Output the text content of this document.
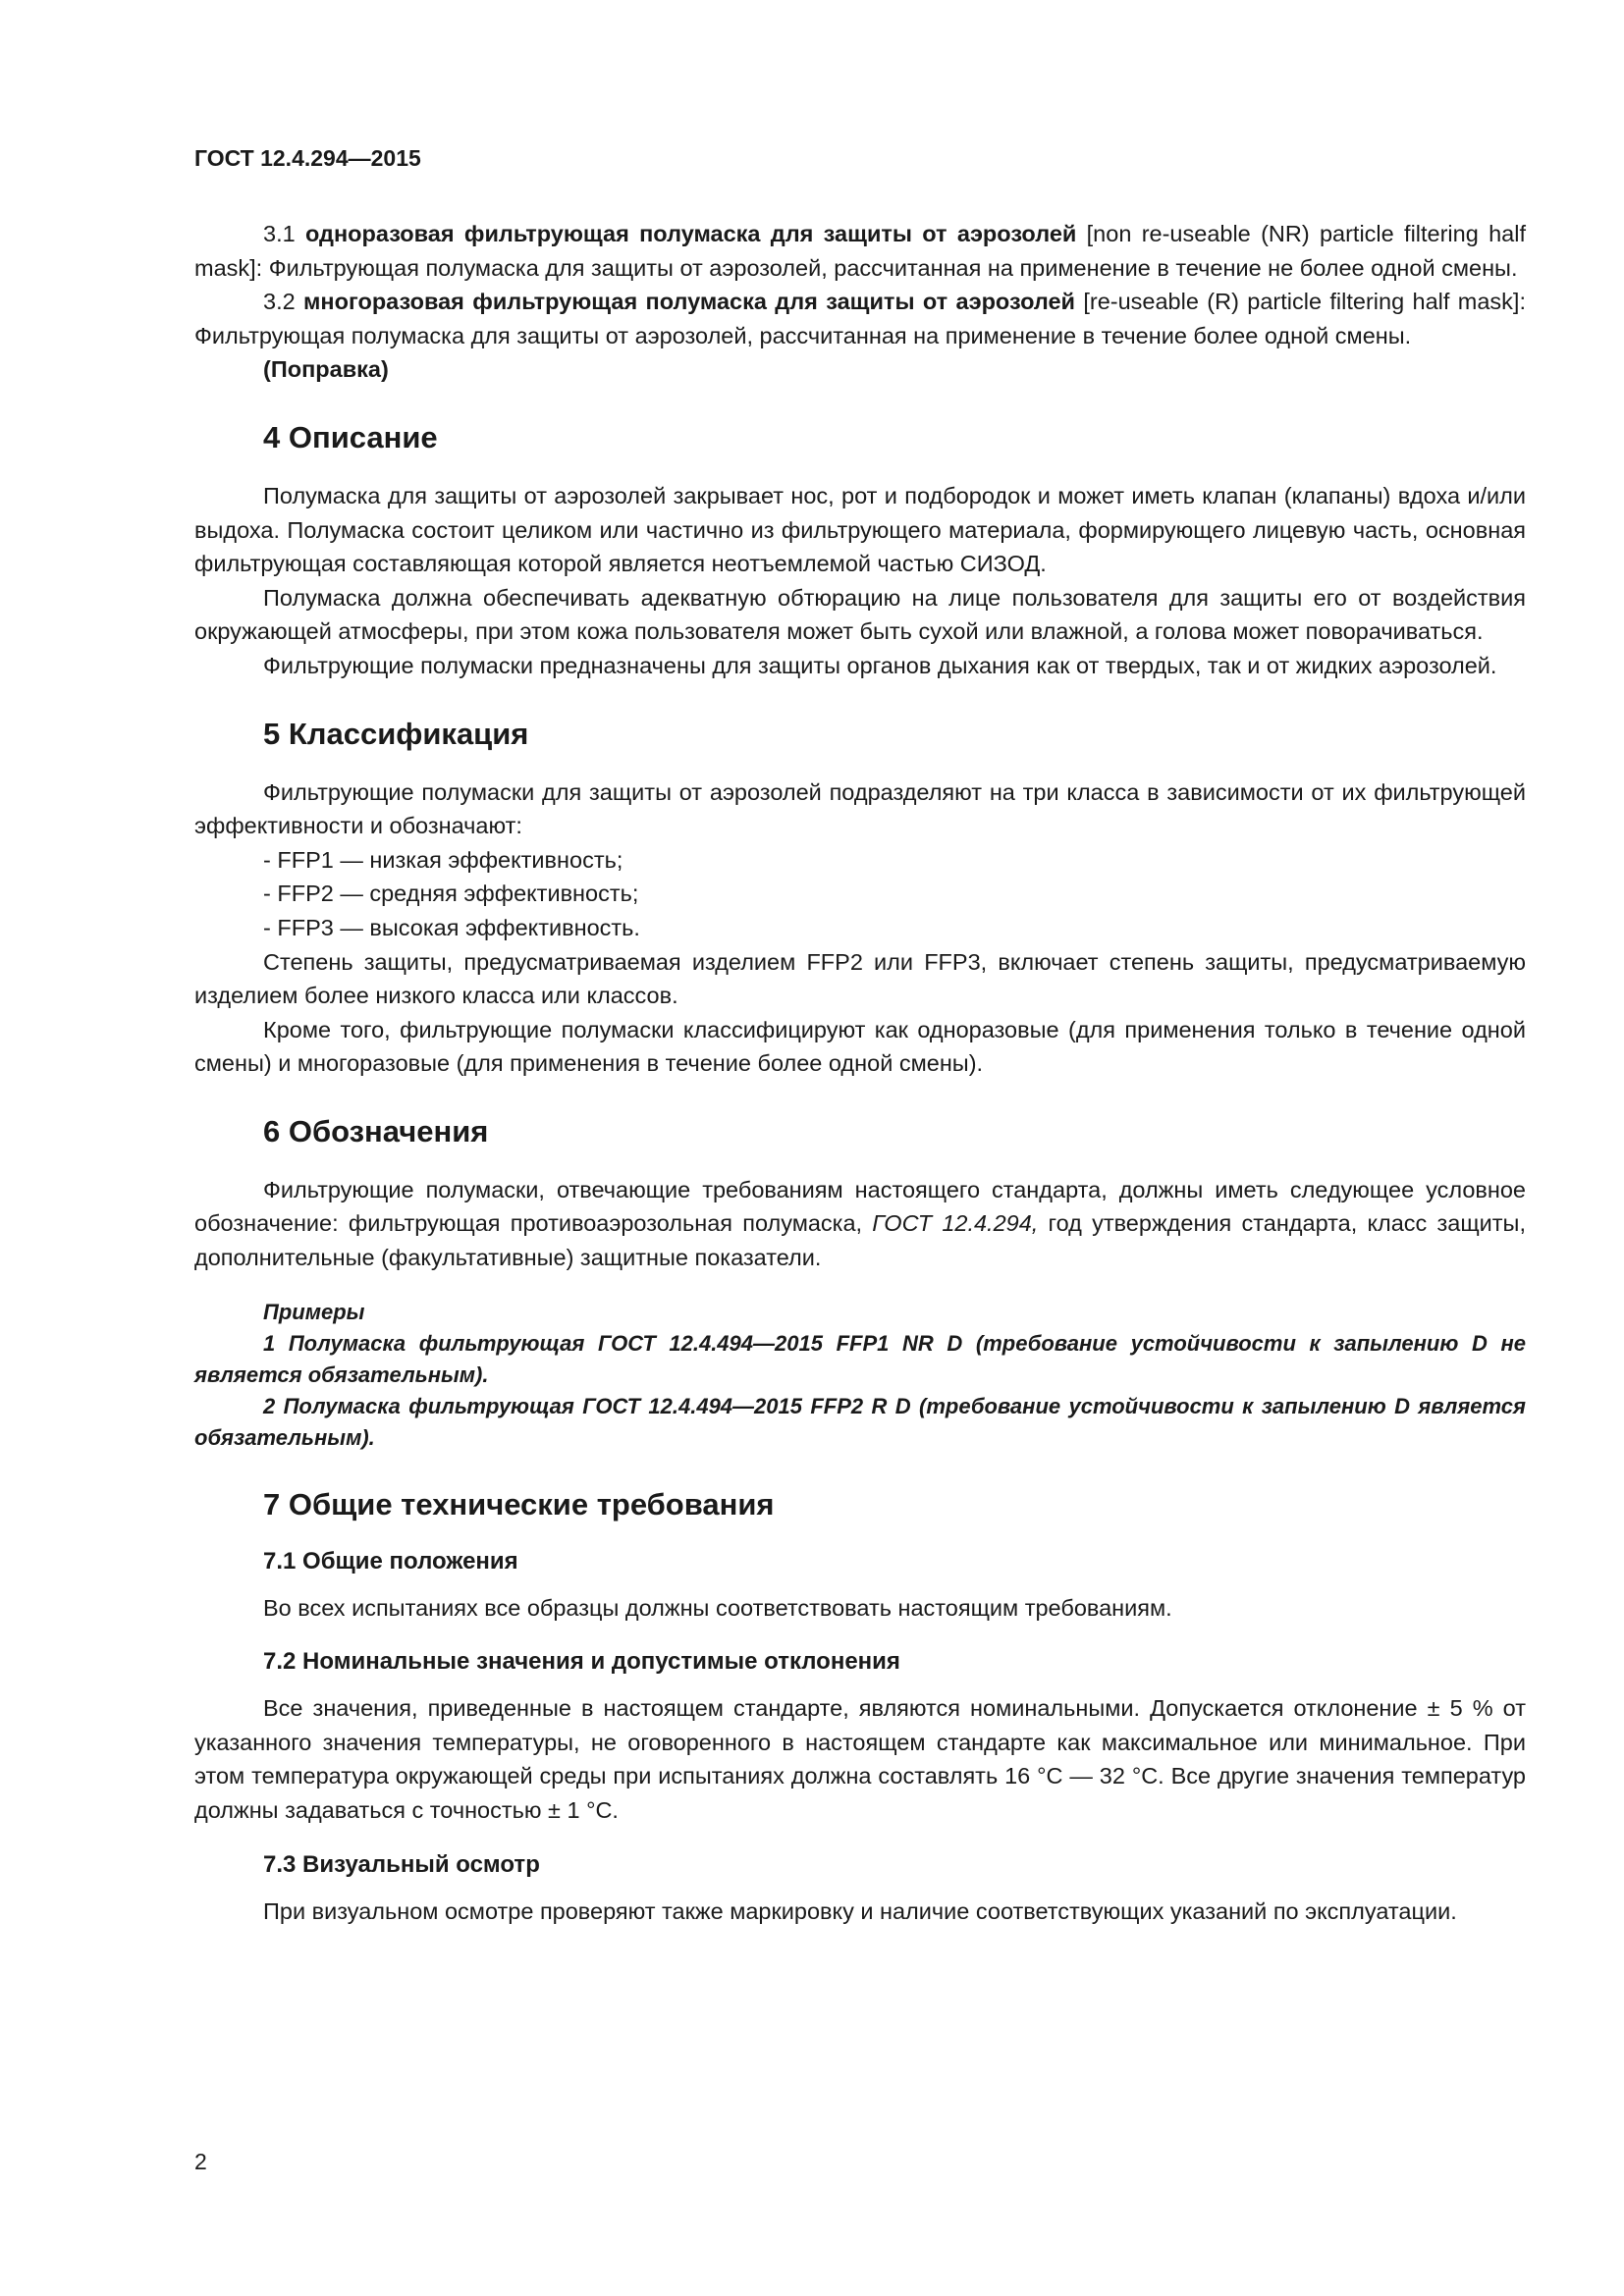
ГОСТ 12.4.294—2015

3.1 одноразовая фильтрующая полумаска для защиты от аэрозолей [non re-useable (NR) particle filtering half mask]: Фильтрующая полумаска для защиты от аэрозолей, рассчитанная на применение в течение не более одной смены.

3.2 многоразовая фильтрующая полумаска для защиты от аэрозолей [re-useable (R) particle filtering half mask]: Фильтрующая полумаска для защиты от аэрозолей, рассчитанная на применение в течение более одной смены.

(Поправка)

4 Описание

Полумаска для защиты от аэрозолей закрывает нос, рот и подбородок и может иметь клапан (клапаны) вдоха и/или выдоха. Полумаска состоит целиком или частично из фильтрующего материала, формирующего лицевую часть, основная фильтрующая составляющая которой является неотъемлемой частью СИЗОД.

Полумаска должна обеспечивать адекватную обтюрацию на лице пользователя для защиты его от воздействия окружающей атмосферы, при этом кожа пользователя может быть сухой или влажной, а голова может поворачиваться.

Фильтрующие полумаски предназначены для защиты органов дыхания как от твердых, так и от жидких аэрозолей.

5 Классификация

Фильтрующие полумаски для защиты от аэрозолей подразделяют на три класса в зависимости от их фильтрующей эффективности и обозначают:

- FFP1 — низкая эффективность;

- FFP2 — средняя эффективность;

- FFP3 — высокая эффективность.

Степень защиты, предусматриваемая изделием FFP2 или FFP3, включает степень защиты, предусматриваемую изделием более низкого класса или классов.

Кроме того, фильтрующие полумаски классифицируют как одноразовые (для применения только в течение одной смены) и многоразовые (для применения в течение более одной смены).

6 Обозначения

Фильтрующие полумаски, отвечающие требованиям настоящего стандарта, должны иметь следующее условное обозначение: фильтрующая противоаэрозольная полумаска, ГОСТ 12.4.294, год утверждения стандарта, класс защиты, дополнительные (факультативные) защитные показатели.

Примеры

1 Полумаска фильтрующая ГОСТ 12.4.494—2015 FFP1 NR D (требование устойчивости к запылению D не является обязательным).

2 Полумаска фильтрующая ГОСТ 12.4.494—2015 FFP2 R D (требование устойчивости к запылению D является обязательным).

7 Общие технические требования
7.1 Общие положения

Во всех испытаниях все образцы должны соответствовать настоящим требованиям.

7.2 Номинальные значения и допустимые отклонения

Все значения, приведенные в настоящем стандарте, являются номинальными. Допускается отклонение ± 5 % от указанного значения температуры, не оговоренного в настоящем стандарте как максимальное или минимальное. При этом температура окружающей среды при испытаниях должна составлять 16 °С — 32 °С. Все другие значения температур должны задаваться с точностью ± 1 °С.

7.3 Визуальный осмотр

При визуальном осмотре проверяют также маркировку и наличие соответствующих указаний по эксплуатации.

2
